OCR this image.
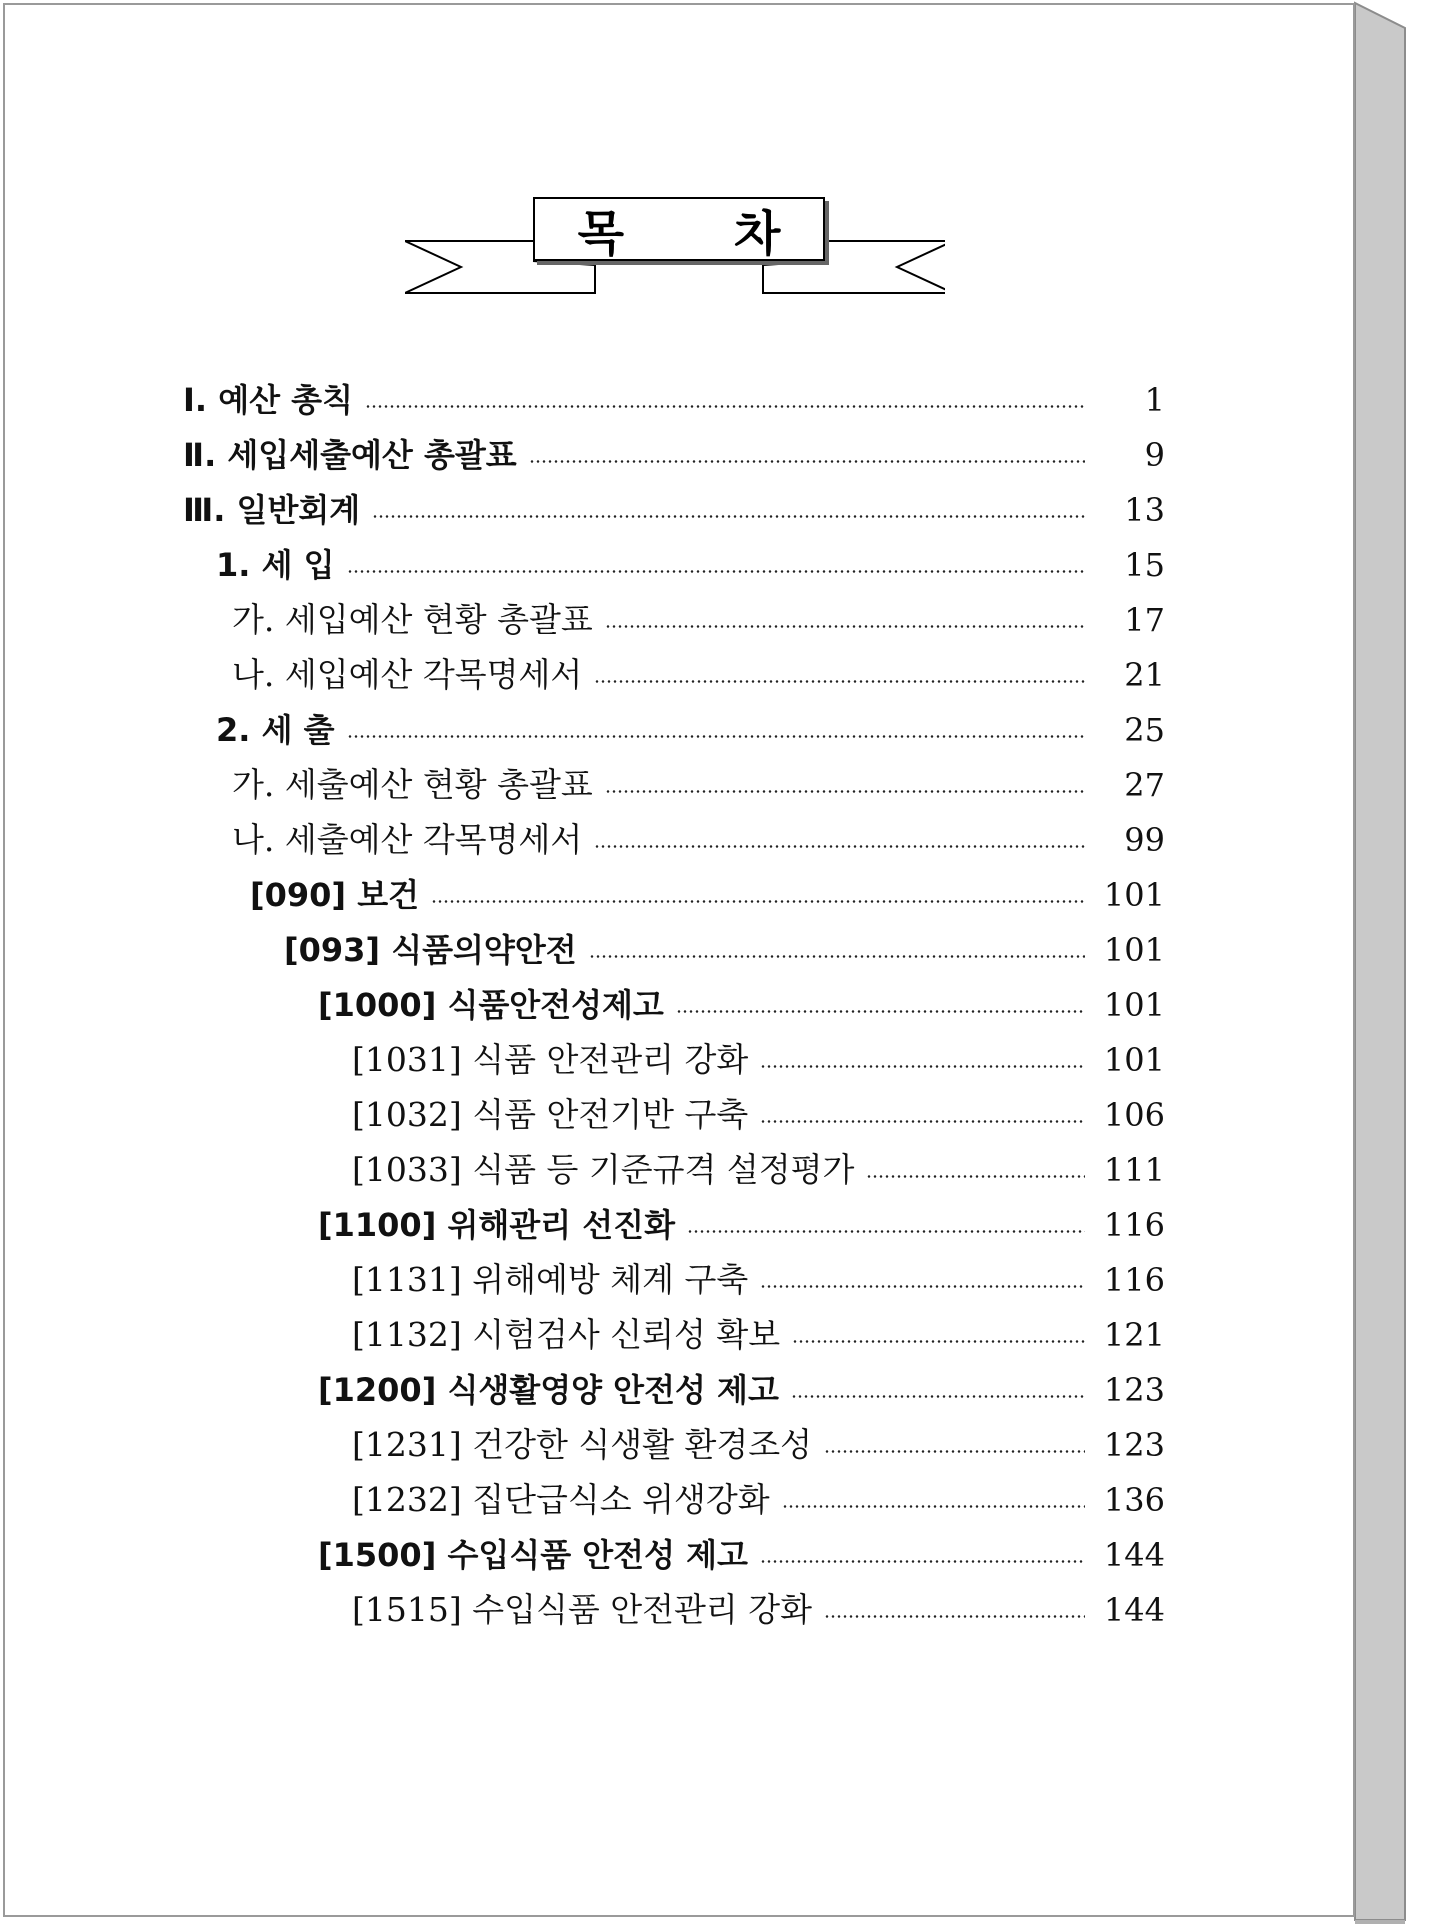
목 차
Ⅰ. 예산 총칙	1
Ⅱ. 세입세출예산 총괄표	9
Ⅲ. 일반회계	13
1. 세 입	15
가. 세입예산 현황 총괄표	17
나. 세입예산 각목명세서	21
2. 세 출	25
가. 세출예산 현황 총괄표	27
나. 세출예산 각목명세서	99
[090] 보건	101
[093] 식품의약안전	101
[1000] 식품안전성제고	101
[1031] 식품 안전관리 강화	101
[1032] 식품 안전기반 구축	106
[1033] 식품 등 기준규격 설정평가	111
[1100] 위해관리 선진화	116
[1131] 위해예방 체계 구축	116
[1132] 시험검사 신뢰성 확보	121
[1200] 식생활영양 안전성 제고	123
[1231] 건강한 식생활 환경조성	123
[1232] 집단급식소 위생강화	136
[1500] 수입식품 안전성 제고	144
[1515] 수입식품 안전관리 강화	144
